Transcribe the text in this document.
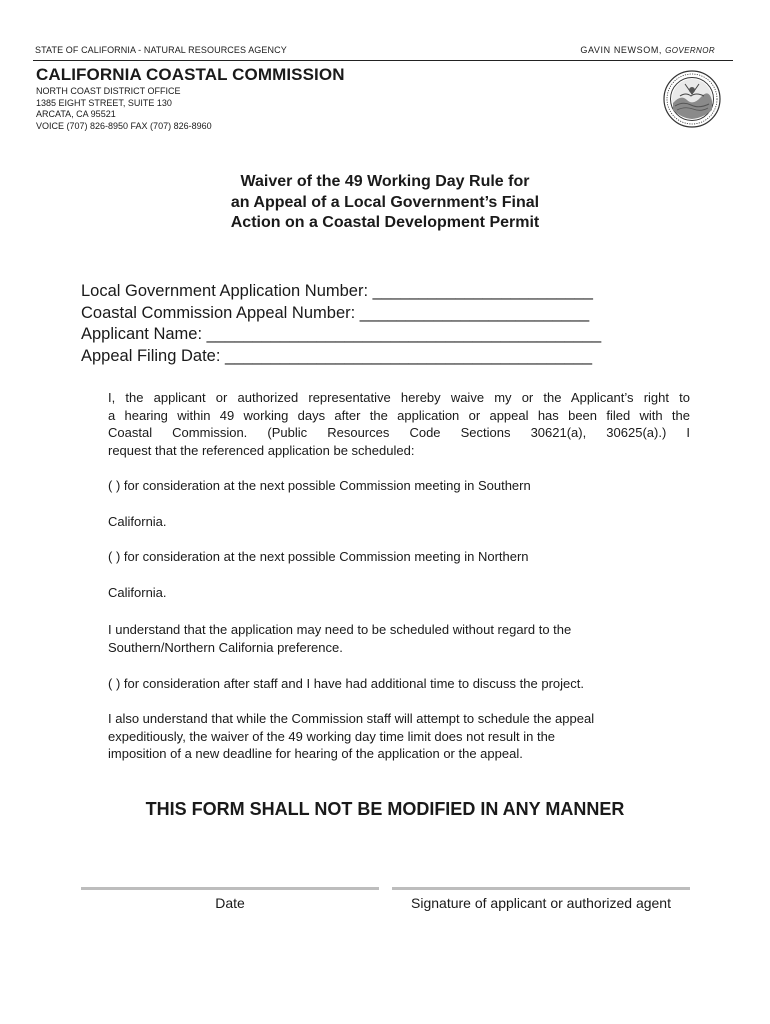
STATE OF CALIFORNIA - NATURAL RESOURCES AGENCY	GAVIN NEWSOM, GOVERNOR
CALIFORNIA COASTAL COMMISSION
NORTH COAST DISTRICT OFFICE
1385 EIGHT STREET, SUITE 130
ARCATA, CA 95521
VOICE (707) 826-8950 FAX (707) 826-8960
Waiver of the 49 Working Day Rule for
an Appeal of a Local Government’s Final
Action on a Coastal Development Permit
Local Government Application Number: ________________________
Coastal Commission Appeal Number: _________________________
Applicant Name: ___________________________________________
Appeal Filing Date: ________________________________________
I, the applicant or authorized representative hereby waive my or the Applicant’s right to
a hearing within 49 working days after the application or appeal has been filed with the
Coastal Commission. (Public Resources Code Sections 30621(a), 30625(a).) I
request that the referenced application be scheduled:
( ) for consideration at the next possible Commission meeting in Southern
California.
( ) for consideration at the next possible Commission meeting in Northern
California.
I understand that the application may need to be scheduled without regard to the
Southern/Northern California preference.
( ) for consideration after staff and I have had additional time to discuss the project.
I also understand that while the Commission staff will attempt to schedule the appeal
expeditiously, the waiver of the 49 working day time limit does not result in the
imposition of a new deadline for hearing of the application or the appeal.
THIS FORM SHALL NOT BE MODIFIED IN ANY MANNER
Date	Signature of applicant or authorized agent
